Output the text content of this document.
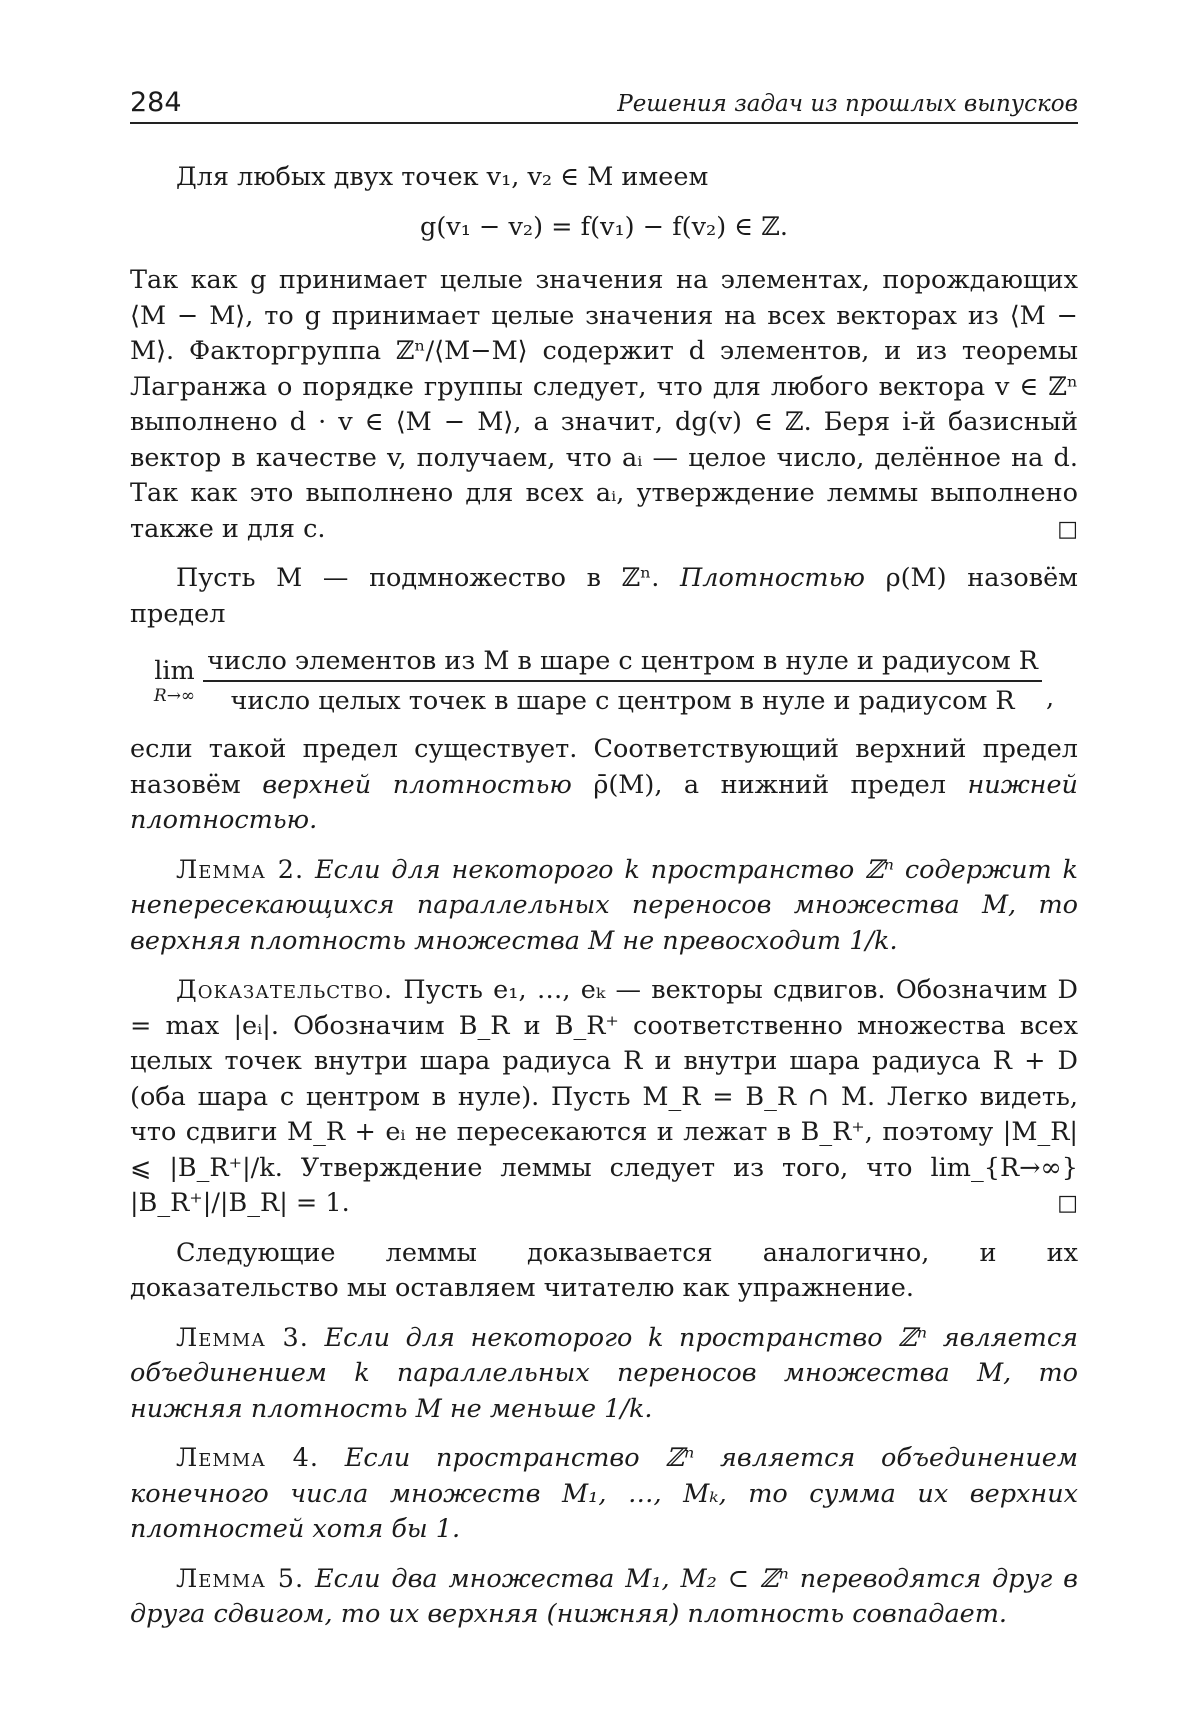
284	Решения задач из прошлых выпусков

Для любых двух точек v₁, v₂ ∈ M имеем

g(v₁ − v₂) = f(v₁) − f(v₂) ∈ ℤ.

Так как g принимает целые значения на элементах, порождающих ⟨M − M⟩, то g принимает целые значения на всех векторах из ⟨M − M⟩. Факторгруппа ℤⁿ/⟨M−M⟩ содержит d элементов, и из теоремы Лагранжа о порядке группы следует, что для любого вектора v ∈ ℤⁿ выполнено d · v ∈ ⟨M − M⟩, а значит, dg(v) ∈ ℤ. Беря i-й базисный вектор в качестве v, получаем, что aᵢ — целое число, делённое на d. Так как это выполнено для всех aᵢ, утверждение леммы выполнено также и для c.	□

Пусть M — подмножество в ℤⁿ. Плотностью ρ(M) назовём предел

lim
R→∞
число элементов из M в шаре с центром в нуле и радиусом R
число целых точек в шаре с центром в нуле и радиусом R ,

если такой предел существует. Соответствующий верхний предел назовём верхней плотностью ρ̄(M), а нижний предел нижней плотностью.

Лемма 2. Если для некоторого k пространство ℤⁿ содержит k непересекающихся параллельных переносов множества M, то верхняя плотность множества M не превосходит 1/k.

Доказательство. Пусть e₁, …, eₖ — векторы сдвигов. Обозначим D = max |eᵢ|. Обозначим B_R и B_R⁺ соответственно множества всех целых точек внутри шара радиуса R и внутри шара радиуса R + D (оба шара с центром в нуле). Пусть M_R = B_R ∩ M. Легко видеть, что сдвиги M_R + eᵢ не пересекаются и лежат в B_R⁺, поэтому |M_R| ⩽ |B_R⁺|/k. Утверждение леммы следует из того, что lim_{R→∞} |B_R⁺|/|B_R| = 1.	□

Следующие леммы доказывается аналогично, и их доказательство мы оставляем читателю как упражнение.

Лемма 3. Если для некоторого k пространство ℤⁿ является объединением k параллельных переносов множества M, то нижняя плотность M не меньше 1/k.

Лемма 4. Если пространство ℤⁿ является объединением конечного числа множеств M₁, …, Mₖ, то сумма их верхних плотностей хотя бы 1.

Лемма 5. Если два множества M₁, M₂ ⊂ ℤⁿ переводятся друг в друга сдвигом, то их верхняя (нижняя) плотность совпадает.
